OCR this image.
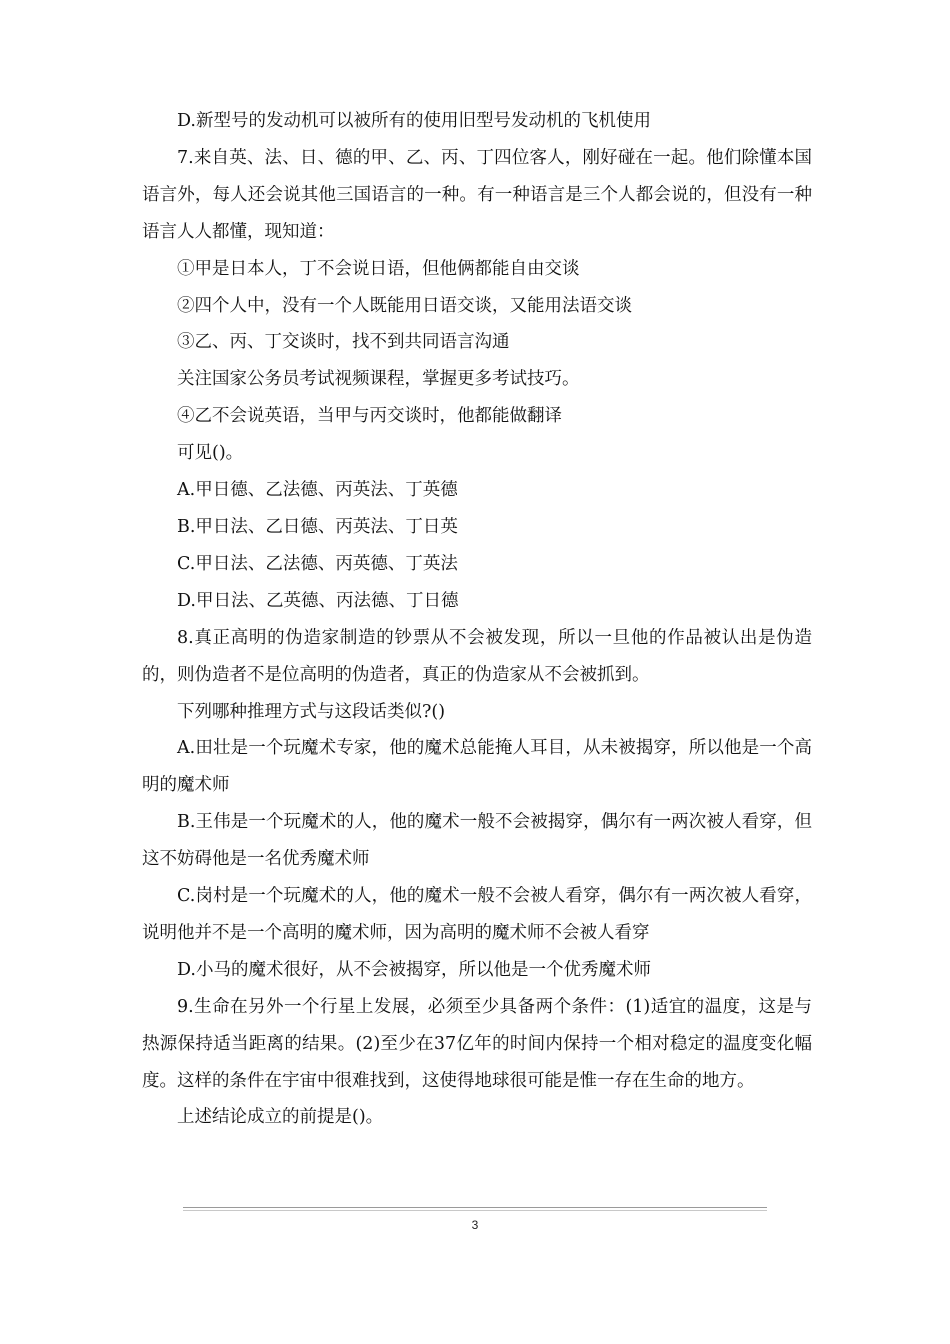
D.新型号的发动机可以被所有的使用旧型号发动机的飞机使用

7.来自英、法、日、德的甲、乙、丙、丁四位客人，刚好碰在一起。他们除懂本国语言外，每人还会说其他三国语言的一种。有一种语言是三个人都会说的，但没有一种语言人人都懂，现知道：

①甲是日本人，丁不会说日语，但他俩都能自由交谈

②四个人中，没有一个人既能用日语交谈，又能用法语交谈

③乙、丙、丁交谈时，找不到共同语言沟通

关注国家公务员考试视频课程，掌握更多考试技巧。

④乙不会说英语，当甲与丙交谈时，他都能做翻译

可见()。

A.甲日德、乙法德、丙英法、丁英德

B.甲日法、乙日德、丙英法、丁日英

C.甲日法、乙法德、丙英德、丁英法

D.甲日法、乙英德、丙法德、丁日德

8.真正高明的伪造家制造的钞票从不会被发现，所以一旦他的作品被认出是伪造的，则伪造者不是位高明的伪造者，真正的伪造家从不会被抓到。

下列哪种推理方式与这段话类似?()

A.田壮是一个玩魔术专家，他的魔术总能掩人耳目，从未被揭穿，所以他是一个高明的魔术师

B.王伟是一个玩魔术的人，他的魔术一般不会被揭穿，偶尔有一两次被人看穿，但这不妨碍他是一名优秀魔术师

C.岗村是一个玩魔术的人，他的魔术一般不会被人看穿，偶尔有一两次被人看穿，说明他并不是一个高明的魔术师，因为高明的魔术师不会被人看穿

D.小马的魔术很好，从不会被揭穿，所以他是一个优秀魔术师

9.生命在另外一个行星上发展，必须至少具备两个条件：(1)适宜的温度，这是与热源保持适当距离的结果。(2)至少在37亿年的时间内保持一个相对稳定的温度变化幅度。这样的条件在宇宙中很难找到，这使得地球很可能是惟一存在生命的地方。

上述结论成立的前提是()。

3
